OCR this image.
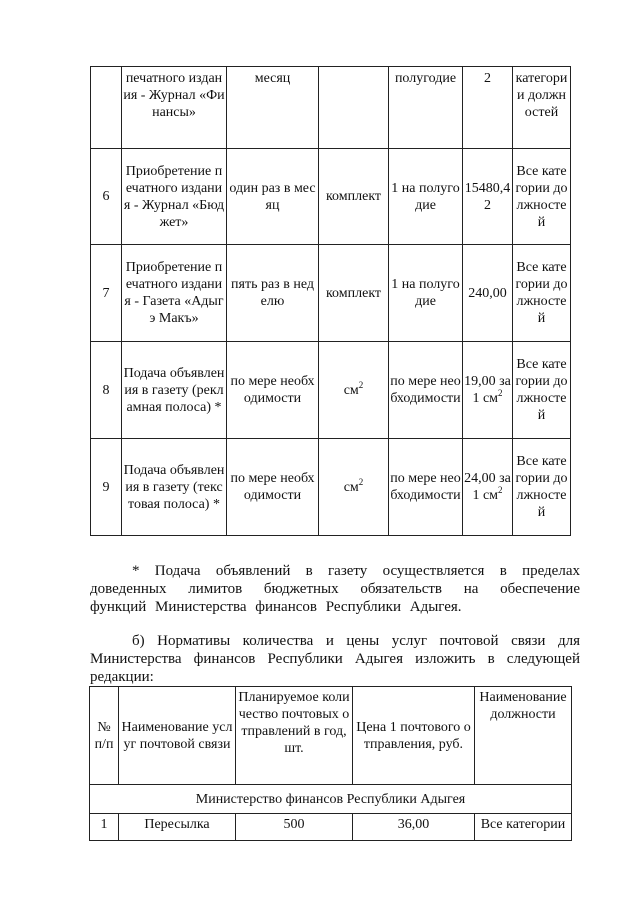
	печатного издания - Журнал «Финансы»	месяц		полугодие	2	категории должностей
6	Приобретение печатного издания - Журнал «Бюджет»	один раз в месяц	комплект	1 на полугодие	15480,42	Все категории должностей
7	Приобретение печатного издания - Газета «Адыгэ Макъ»	пять раз в неделю	комплект	1 на полугодие	240,00	Все категории должностей
8	Подача объявления в газету (рекламная полоса) *	по мере необходимости	$см^2$	по мере необходимости	19,00 за 1 $см^2$	Все категории должностей
9	Подача объявления в газету (текстовая полоса) *	по мере необходимости	$см^2$	по мере необходимости	24,00 за 1 $см^2$	Все категории должностей

* Подача объявлений в газету осуществляется в пределах доведенных лимитов бюджетных обязательств на обеспечение функций Министерства финансов Республики Адыгея.

б) Нормативы количества и цены услуг почтовой связи для Министерства финансов Республики Адыгея изложить в следующей редакции:

№ п/п	Наименование услуг почтовой связи	Планируемое количество почтовых отправлений в год, шт.	Цена 1 почтового отправления, руб.	Наименование должности
Министерство финансов Республики Адыгея				
1	Пересылка	500	36,00	Все категории
